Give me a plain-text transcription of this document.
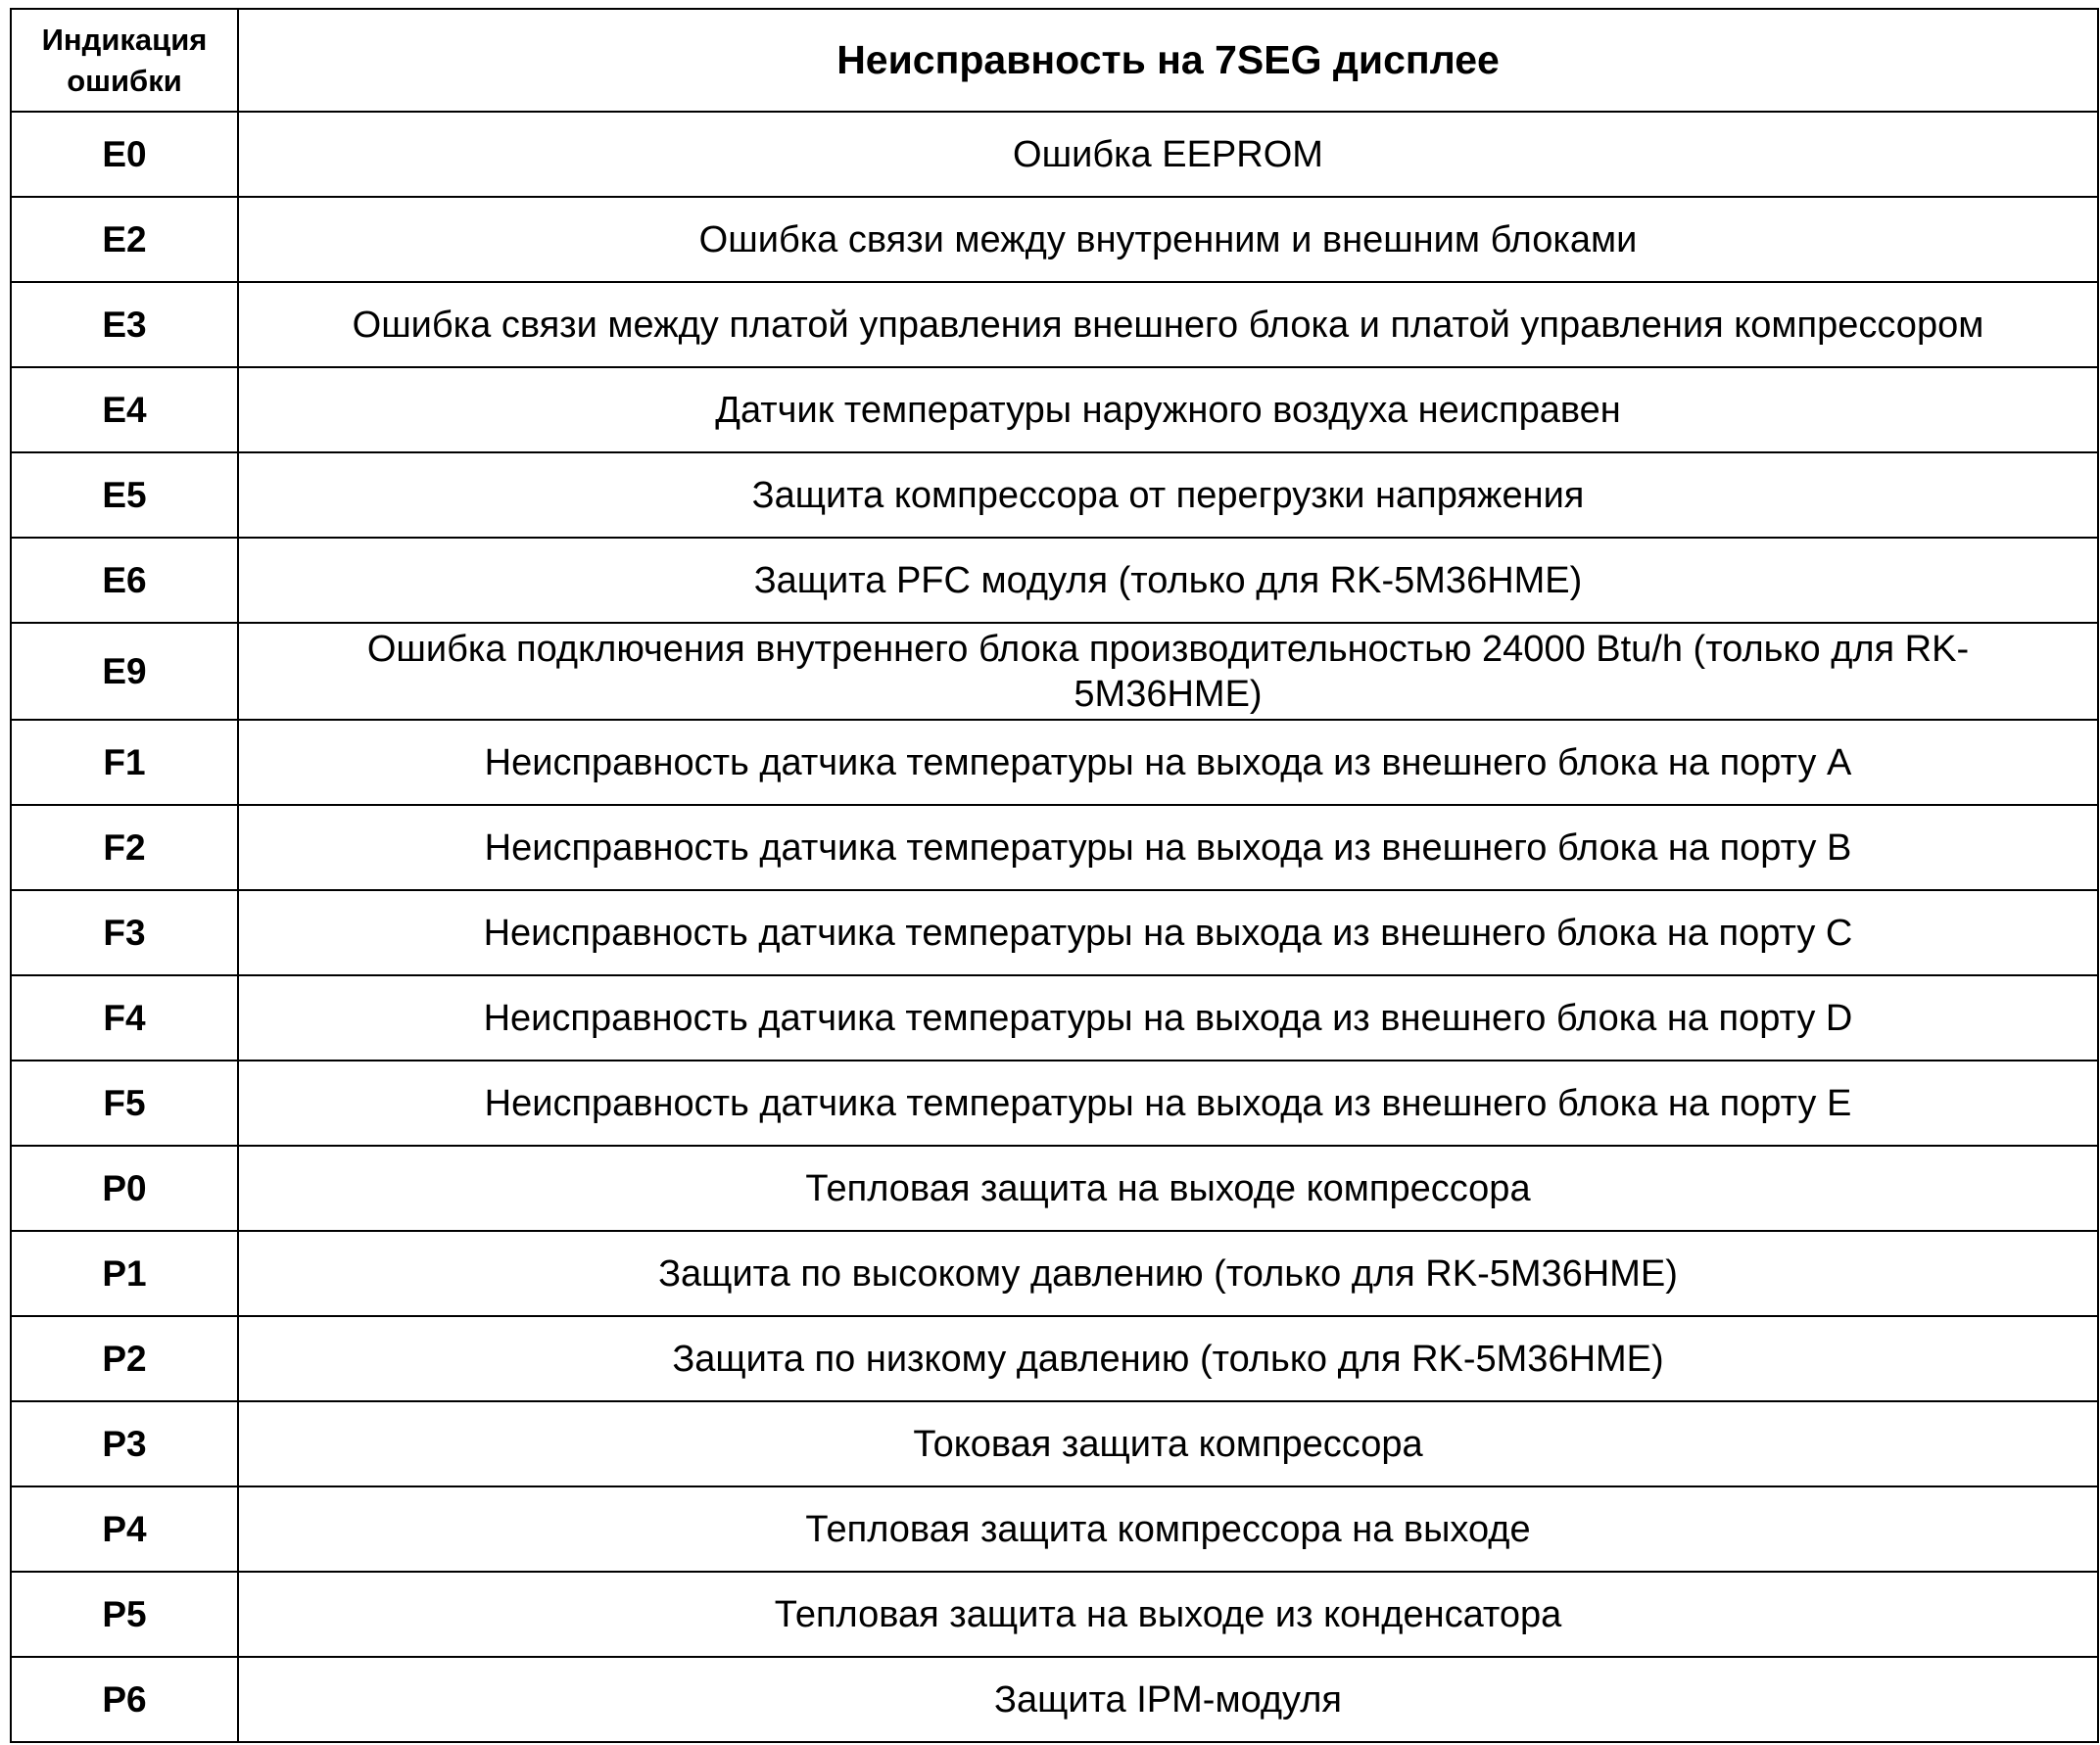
Индикация ошибки	Неисправность на 7SEG дисплее
E0	Ошибка EEPROM
E2	Ошибка связи между внутренним и внешним блоками
E3	Ошибка связи между платой управления внешнего блока и платой управления компрессором
E4	Датчик температуры наружного воздуха неисправен
E5	Защита компрессора от перегрузки напряжения
E6	Защита PFC модуля (только для RK-5M36HME)
E9	Ошибка подключения внутреннего блока производительностью 24000 Btu/h (только для RK-5M36HME)
F1	Неисправность датчика температуры на выхода из внешнего блока на порту A
F2	Неисправность датчика температуры на выхода из внешнего блока на порту B
F3	Неисправность датчика температуры на выхода из внешнего блока на порту C
F4	Неисправность датчика температуры на выхода из внешнего блока на порту D
F5	Неисправность датчика температуры на выхода из внешнего блока на порту E
P0	Тепловая защита на выходе компрессора
P1	Защита по высокому давлению (только для RK-5M36HME)
P2	Защита по низкому давлению (только для RK-5M36HME)
P3	Токовая защита компрессора
P4	Тепловая защита компрессора на выходе
P5	Тепловая защита на выходе из конденсатора
P6	Защита IPM-модуля
